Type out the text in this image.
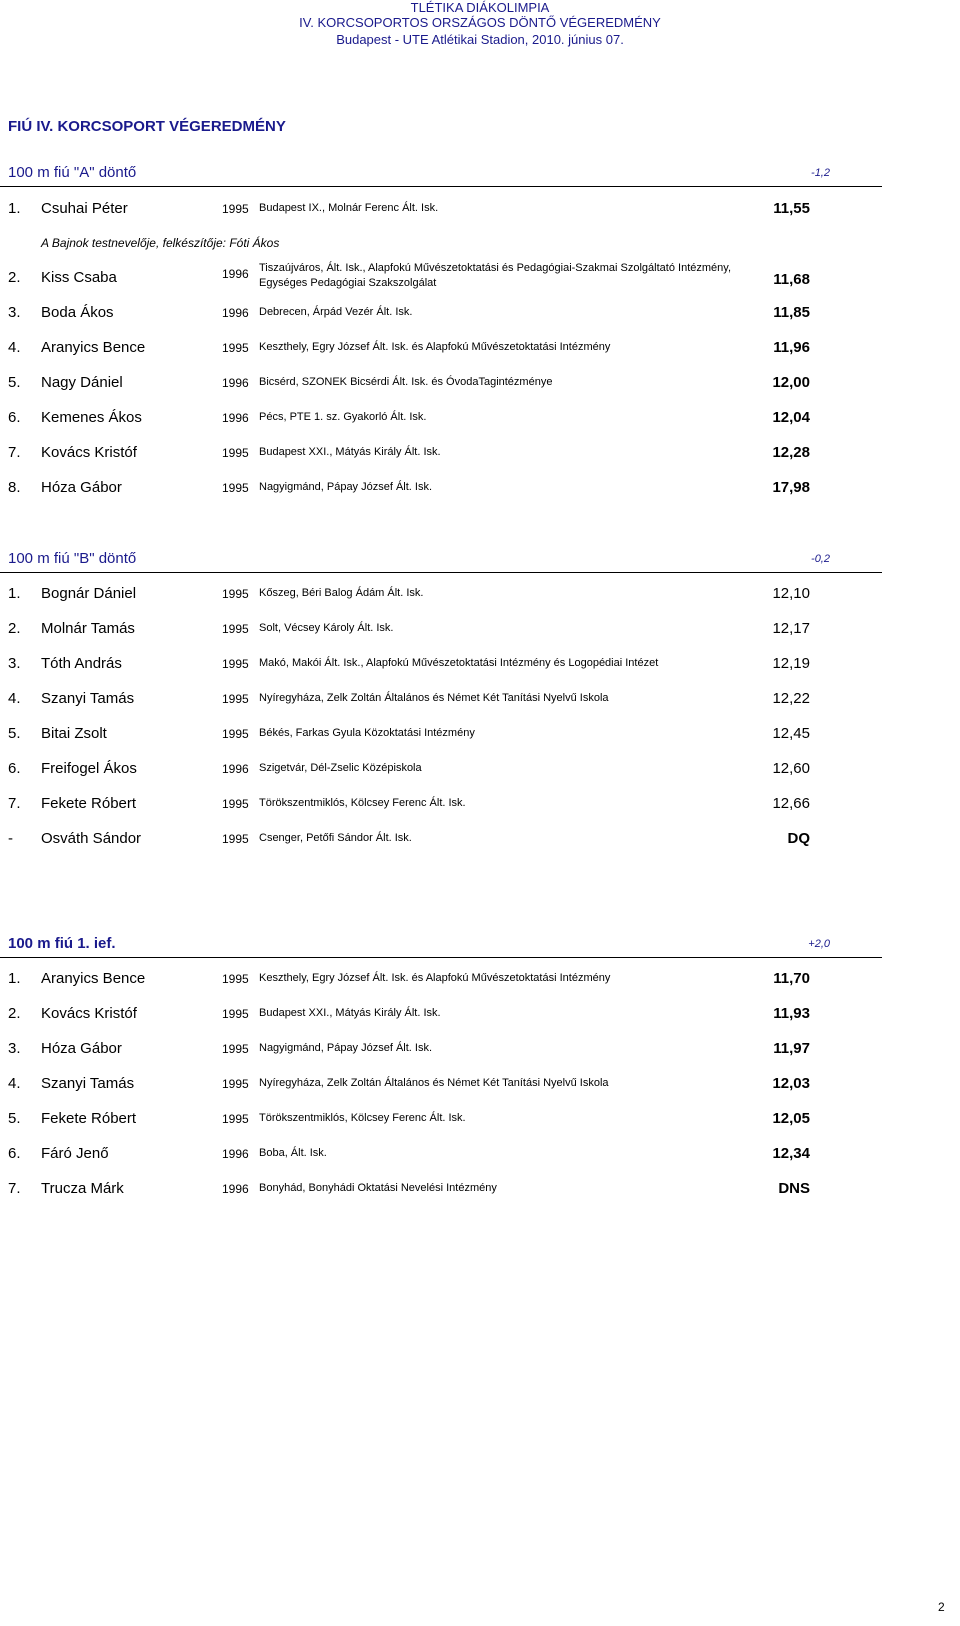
TLÉTIKA DIÁKOLIMPIA
IV. KORCSOPORTOS ORSZÁGOS DÖNTŐ VÉGEREDMÉNY
Budapest - UTE Atlétikai Stadion, 2010. június 07.
FIÚ IV. KORCSOPORT VÉGEREDMÉNY
100 m fiú "A" döntő	-1,2
1. Csuhai Péter	1995 Budapest IX., Molnár Ferenc Ált. Isk.	11,55
A Bajnok testnevelője, felkészítője: Fóti Ákos
2. Kiss Csaba	1996 Tiszaújváros, Ált. Isk., Alapfokú Művészetoktatási és Pedagógiai-Szakmai Szolgáltató Intézmény,
Egységes Pedagógiai Szakszolgálat	11,68
3. Boda Ákos	1996 Debrecen, Árpád Vezér Ált. Isk.	11,85
4. Aranyics Bence	1995 Keszthely, Egry József Ált. Isk. és Alapfokú Művészetoktatási Intézmény	11,96
5. Nagy Dániel	1996 Bicsérd, SZONEK Bicsérdi Ált. Isk. és ÓvodaTagintézménye	12,00
6. Kemenes Ákos	1996 Pécs, PTE 1. sz. Gyakorló Ált. Isk.	12,04
7. Kovács Kristóf	1995 Budapest XXI., Mátyás Király Ált. Isk.	12,28
8. Hóza Gábor	1995 Nagyigmánd, Pápay József Ált. Isk.	17,98
100 m fiú "B" döntő	-0,2
1. Bognár Dániel	1995 Kőszeg, Béri Balog Ádám Ált. Isk.	12,10
2. Molnár Tamás	1995 Solt, Vécsey Károly Ált. Isk.	12,17
3. Tóth András	1995 Makó, Makói Ált. Isk., Alapfokú Művészetoktatási Intézmény és Logopédiai Intézet	12,19
4. Szanyi Tamás	1995 Nyíregyháza, Zelk Zoltán Általános és Német Két Tanítási Nyelvű Iskola	12,22
5. Bitai Zsolt	1995 Békés, Farkas Gyula Közoktatási Intézmény	12,45
6. Freifogel Ákos	1996 Szigetvár, Dél-Zselic Középiskola	12,60
7. Fekete Róbert	1995 Törökszentmiklós, Kölcsey Ferenc Ált. Isk.	12,66
- Osváth Sándor	1995 Csenger, Petőfi Sándor Ált. Isk.	DQ
100 m fiú 1. ief.	+2,0
1. Aranyics Bence	1995 Keszthely, Egry József Ált. Isk. és Alapfokú Művészetoktatási Intézmény	11,70
2. Kovács Kristóf	1995 Budapest XXI., Mátyás Király Ált. Isk.	11,93
3. Hóza Gábor	1995 Nagyigmánd, Pápay József Ált. Isk.	11,97
4. Szanyi Tamás	1995 Nyíregyháza, Zelk Zoltán Általános és Német Két Tanítási Nyelvű Iskola	12,03
5. Fekete Róbert	1995 Törökszentmiklós, Kölcsey Ferenc Ált. Isk.	12,05
6. Fáró Jenő	1996 Boba, Ált. Isk.	12,34
7. Trucza Márk	1996 Bonyhád, Bonyhádi Oktatási Nevelési Intézmény	DNS
2
